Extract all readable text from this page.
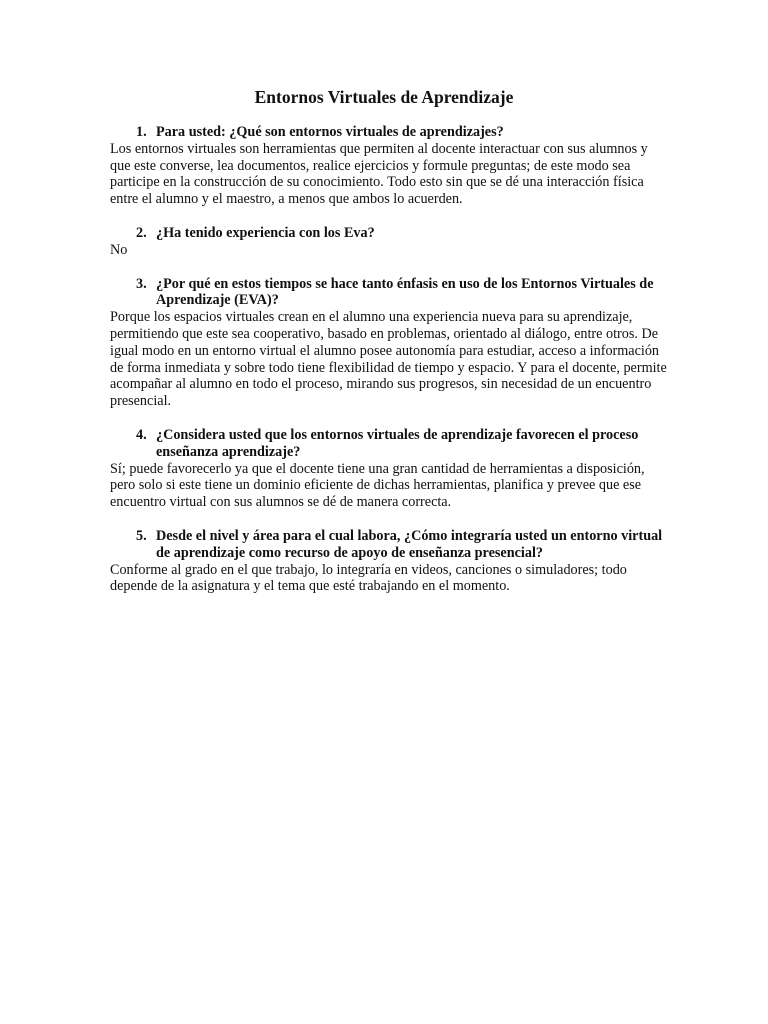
Entornos Virtuales de Aprendizaje
1. Para usted: ¿Qué son entornos virtuales de aprendizajes?

Los entornos virtuales son herramientas que permiten al docente interactuar con sus alumnos y que este converse, lea documentos, realice ejercicios y formule preguntas; de este modo sea participe en la construcción de su conocimiento. Todo esto sin que se dé una interacción física entre el alumno y el maestro, a menos que ambos lo acuerden.

2. ¿Ha tenido experiencia con los Eva?

No

3. ¿Por qué en estos tiempos se hace tanto énfasis en uso de los Entornos Virtuales de Aprendizaje (EVA)?

Porque los espacios virtuales crean en el alumno una experiencia nueva para su aprendizaje, permitiendo que este sea cooperativo, basado en problemas, orientado al diálogo, entre otros. De igual modo en un entorno virtual el alumno posee autonomía para estudiar, acceso a información de forma inmediata y sobre todo tiene flexibilidad de tiempo y espacio. Y para el docente, permite acompañar al alumno en todo el proceso, mirando sus progresos, sin necesidad de un encuentro presencial.

4. ¿Considera usted que los entornos virtuales de aprendizaje favorecen el proceso enseñanza aprendizaje?

Sí; puede favorecerlo ya que el docente tiene una gran cantidad de herramientas a disposición, pero solo si este tiene un dominio eficiente de dichas herramientas, planifica y prevee que ese encuentro virtual con sus alumnos se dé de manera correcta.

5. Desde el nivel y área para el cual labora, ¿Cómo integraría usted un entorno virtual de aprendizaje como recurso de apoyo de enseñanza presencial?

Conforme al grado en el que trabajo, lo integraría en videos, canciones o simuladores; todo depende de la asignatura y el tema que esté trabajando en el momento.
